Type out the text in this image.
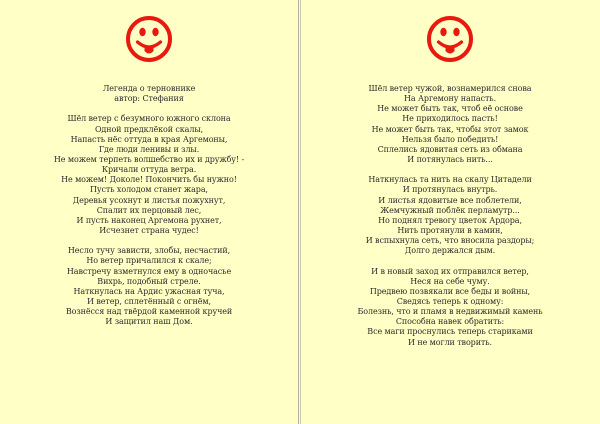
Легенда о терновнике
автор: Стефания
Шёл ветер с безумного южного склона
Одной предклёкой скалы,
Напасть нёс оттуда в края Аргемоны,
Где люди ленивы и злы.
Не можем терпеть волшебство их и дружбу! -
Кричали оттуда ветра.
Не можем! Доколе! Покончить бы нужно!
Пусть холодом станет жара,
Деревья усохнут и листья пожухнут,
Спалит их перцовый лес,
И пусть наконец Аргемона рухнет,
Исчезнет страна чудес!
Несло тучу зависти, злобы, несчастий,
Но ветер причалился к скале;
Навстречу взметнулся ему в одночасье
Вихрь, подобный стреле.
Наткнулась на Ардис ужасная туча,
И ветер, сплетённый с огнём,
Вознёсся над твёрдой каменной кручей
И защитил наш Дом.
Шёл ветер чужой, вознамерился снова
На Аргемону напасть.
Не может быть так, чтоб её основе
Не приходилось пасть!
Не может быть так, чтобы этот замок
Нельзя было победить!
Сплелись ядовитая сеть из обмана
И потянулась нить...
Наткнулась та нить на скалу Цитадели
И протянулась внутрь.
И листья ядовитые все поблетели,
Жемчужный поблёк перламутр...
Но поднял тревогу цветок Ардора,
Нить протянули в камин,
И вспыхнула сеть, что вносила раздоры;
Долго держался дым.
И в новый заход их отправился ветер,
Неся на себе чуму.
Предвею позвякали все беды и войны,
Сведясь теперь к одному:
Болезнь, что и пламя в недвижимый камень
Способна навек обратить:
Все маги проснулись теперь стариками
И не могли творить.
